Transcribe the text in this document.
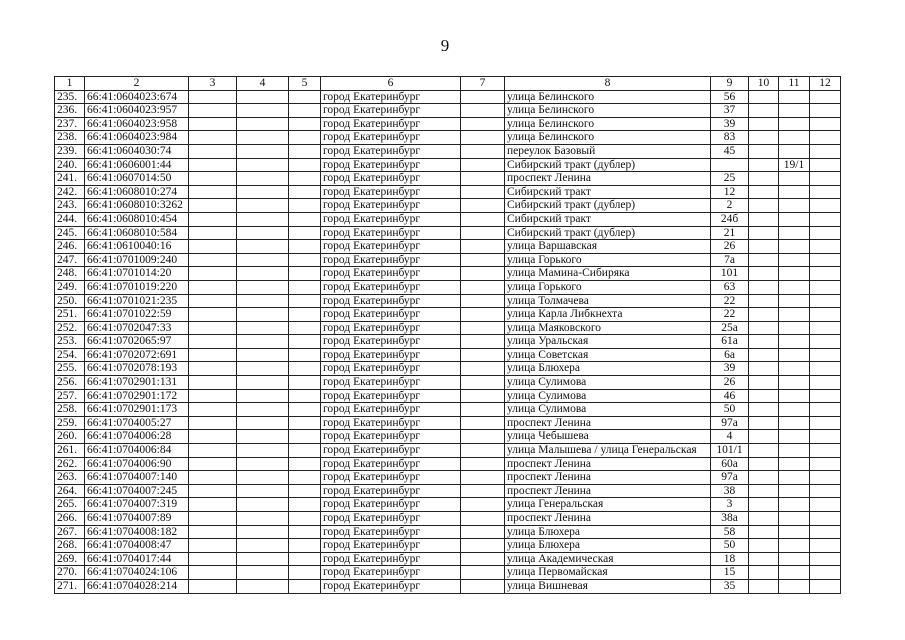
9
1	2	3	4	5	6	7	8	9	10	11	12
235.	66:41:0604023:674				город Екатеринбург		улица Белинского	56			
236.	66:41:0604023:957				город Екатеринбург		улица Белинского	37			
237.	66:41:0604023:958				город Екатеринбург		улица Белинского	39			
238.	66:41:0604023:984				город Екатеринбург		улица Белинского	83			
239.	66:41:0604030:74				город Екатеринбург		переулок Базовый	45			
240.	66:41:0606001:44				город Екатеринбург		Сибирский тракт (дублер)			19/1	
241.	66:41:0607014:50				город Екатеринбург		проспект Ленина	25			
242.	66:41:0608010:274				город Екатеринбург		Сибирский тракт	12			
243.	66:41:0608010:3262				город Екатеринбург		Сибирский тракт (дублер)	2			
244.	66:41:0608010:454				город Екатеринбург		Сибирский тракт	24б			
245.	66:41:0608010:584				город Екатеринбург		Сибирский тракт (дублер)	21			
246.	66:41:0610040:16				город Екатеринбург		улица Варшавская	26			
247.	66:41:0701009:240				город Екатеринбург		улица Горького	7а			
248.	66:41:0701014:20				город Екатеринбург		улица Мамина-Сибиряка	101			
249.	66:41:0701019:220				город Екатеринбург		улица Горького	63			
250.	66:41:0701021:235				город Екатеринбург		улица Толмачева	22			
251.	66:41:0701022:59				город Екатеринбург		улица Карла Либкнехта	22			
252.	66:41:0702047:33				город Екатеринбург		улица Маяковского	25а			
253.	66:41:0702065:97				город Екатеринбург		улица Уральская	61а			
254.	66:41:0702072:691				город Екатеринбург		улица Советская	6а			
255.	66:41:0702078:193				город Екатеринбург		улица Блюхера	39			
256.	66:41:0702901:131				город Екатеринбург		улица Сулимова	26			
257.	66:41:0702901:172				город Екатеринбург		улица Сулимова	46			
258.	66:41:0702901:173				город Екатеринбург		улица Сулимова	50			
259.	66:41:0704005:27				город Екатеринбург		проспект Ленина	97а			
260.	66:41:0704006:28				город Екатеринбург		улица Чебышева	4			
261.	66:41:0704006:84				город Екатеринбург		улица Малышева / улица Генеральская	101/1			
262.	66:41:0704006:90				город Екатеринбург		проспект Ленина	60а			
263.	66:41:0704007:140				город Екатеринбург		проспект Ленина	97а			
264.	66:41:0704007:245				город Екатеринбург		проспект Ленина	38			
265.	66:41:0704007:319				город Екатеринбург		улица Генеральская	3			
266.	66:41:0704007:89				город Екатеринбург		проспект Ленина	38а			
267.	66:41:0704008:182				город Екатеринбург		улица Блюхера	58			
268.	66:41:0704008:47				город Екатеринбург		улица Блюхера	50			
269.	66:41:0704017:44				город Екатеринбург		улица Академическая	18			
270.	66:41:0704024:106				город Екатеринбург		улица Первомайская	15			
271.	66:41:0704028:214				город Екатеринбург		улица Вишневая	35			
